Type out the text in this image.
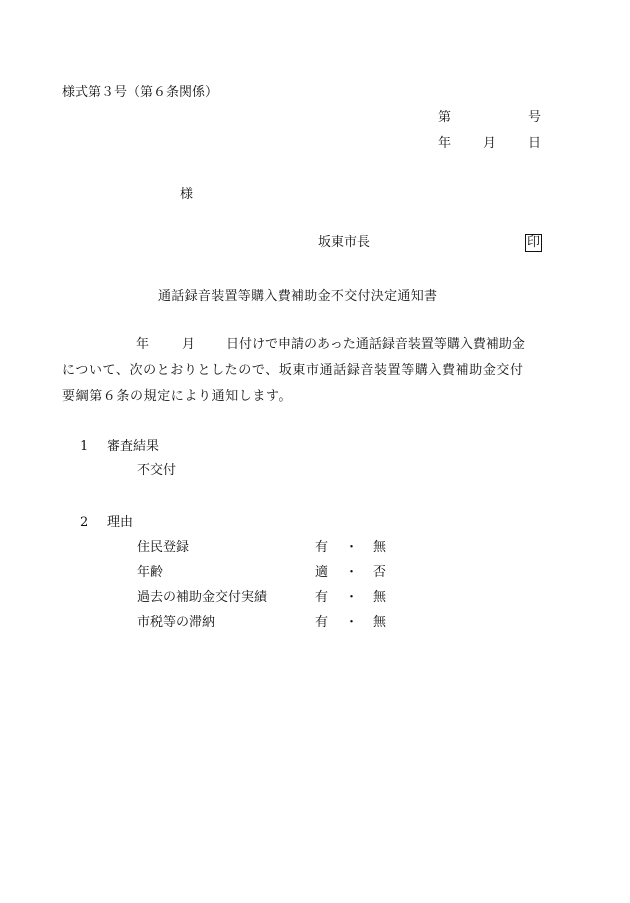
様式第３号（第６条関係）
第	号
年 月 日
様
坂東市長	印
通話録音装置等購入費補助金不交付決定通知書
年	月 日付けで申請のあった通話録音装置等購入費補助金
について、次のとおりとしたので、坂東市通話録音装置等購入費補助金交付
要綱第６条の規定により通知します。
1 審査結果
不交付
2 理由
住民登録	有 ・ 無
年齢	適 ・ 否
過去の補助金交付実績	有 ・ 無
市税等の滞納	有 ・ 無
